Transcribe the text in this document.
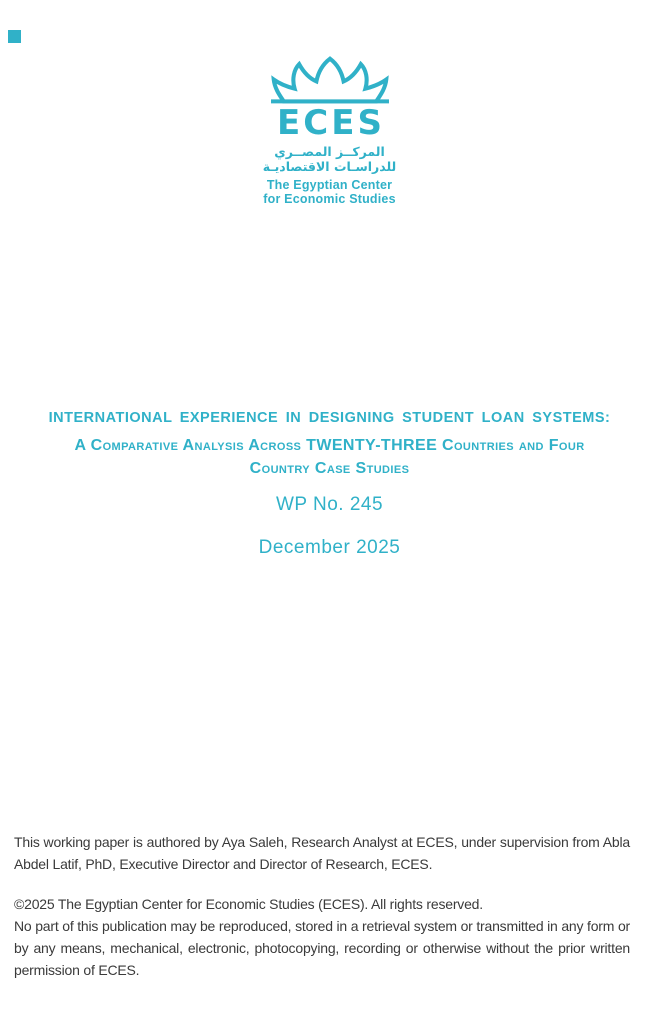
ECES
المركــز المصــري
للدراسـات الاقتصاديـة
The Egyptian Center
for Economic Studies
INTERNATIONAL EXPERIENCE IN DESIGNING STUDENT LOAN SYSTEMS:
A Comparative Analysis Across TWENTY-THREE Countries and Four
Country Case Studies
WP No. 245
December 2025

This working paper is authored by Aya Saleh, Research Analyst at ECES, under supervision from Abla Abdel Latif, PhD, Executive Director and Director of Research, ECES.

©2025 The Egyptian Center for Economic Studies (ECES). All rights reserved.

No part of this publication may be reproduced, stored in a retrieval system or transmitted in any form or by any means, mechanical, electronic, photocopying, recording or otherwise without the prior written permission of ECES.
